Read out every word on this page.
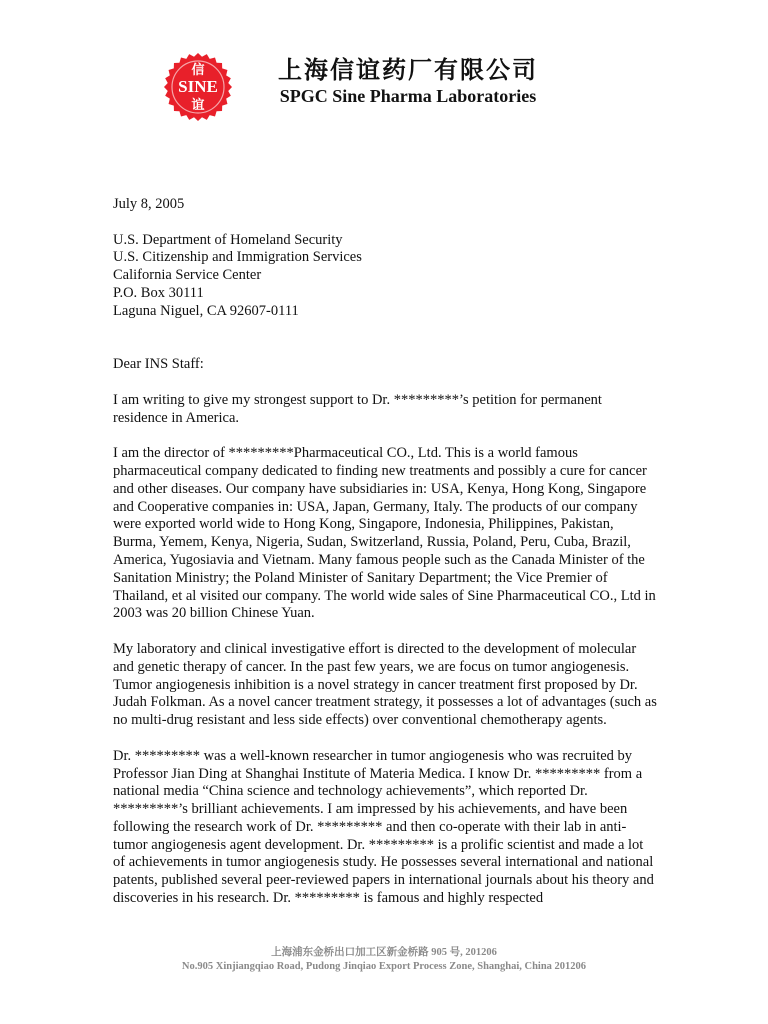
信
SINE
谊
上海信谊药厂有限公司
SPGC Sine Pharma Laboratories

July 8, 2005

U.S. Department of Homeland Security
U.S. Citizenship and Immigration Services
California Service Center
P.O. Box 30111
Laguna Niguel, CA 92607-0111

Dear INS Staff:

I am writing to give my strongest support to Dr. *********’s petition for permanent residence in America.

I am the director of *********Pharmaceutical CO., Ltd. This is a world famous pharmaceutical company dedicated to finding new treatments and possibly a cure for cancer and other diseases. Our company have subsidiaries in: USA, Kenya, Hong Kong, Singapore and Cooperative companies in: USA, Japan, Germany, Italy. The products of our company were exported world wide to Hong Kong, Singapore, Indonesia, Philippines, Pakistan, Burma, Yemem, Kenya, Nigeria, Sudan, Switzerland, Russia, Poland, Peru, Cuba, Brazil, America, Yugosiavia and Vietnam. Many famous people such as the Canada Minister of the Sanitation Ministry; the Poland Minister of Sanitary Department; the Vice Premier of Thailand, et al visited our company. The world wide sales of Sine Pharmaceutical CO., Ltd in 2003 was 20 billion Chinese Yuan.

My laboratory and clinical investigative effort is directed to the development of molecular and genetic therapy of cancer. In the past few years, we are focus on tumor angiogenesis. Tumor angiogenesis inhibition is a novel strategy in cancer treatment first proposed by Dr. Judah Folkman. As a novel cancer treatment strategy, it possesses a lot of advantages (such as no multi-drug resistant and less side effects) over conventional chemotherapy agents.

Dr. ********* was a well-known researcher in tumor angiogenesis who was recruited by Professor Jian Ding at Shanghai Institute of Materia Medica. I know Dr. ********* from a national media “China science and technology achievements”, which reported Dr. *********’s brilliant achievements. I am impressed by his achievements, and have been following the research work of Dr. ********* and then co-operate with their lab in anti-tumor angiogenesis agent development. Dr. ********* is a prolific scientist and made a lot of achievements in tumor angiogenesis study. He possesses several international and national patents, published several peer-reviewed papers in international journals about his theory and discoveries in his research. Dr. ********* is famous and highly respected

上海浦东金桥出口加工区新金桥路 905 号, 201206
No.905 Xinjiangqiao Road, Pudong Jinqiao Export Process Zone, Shanghai, China 201206
